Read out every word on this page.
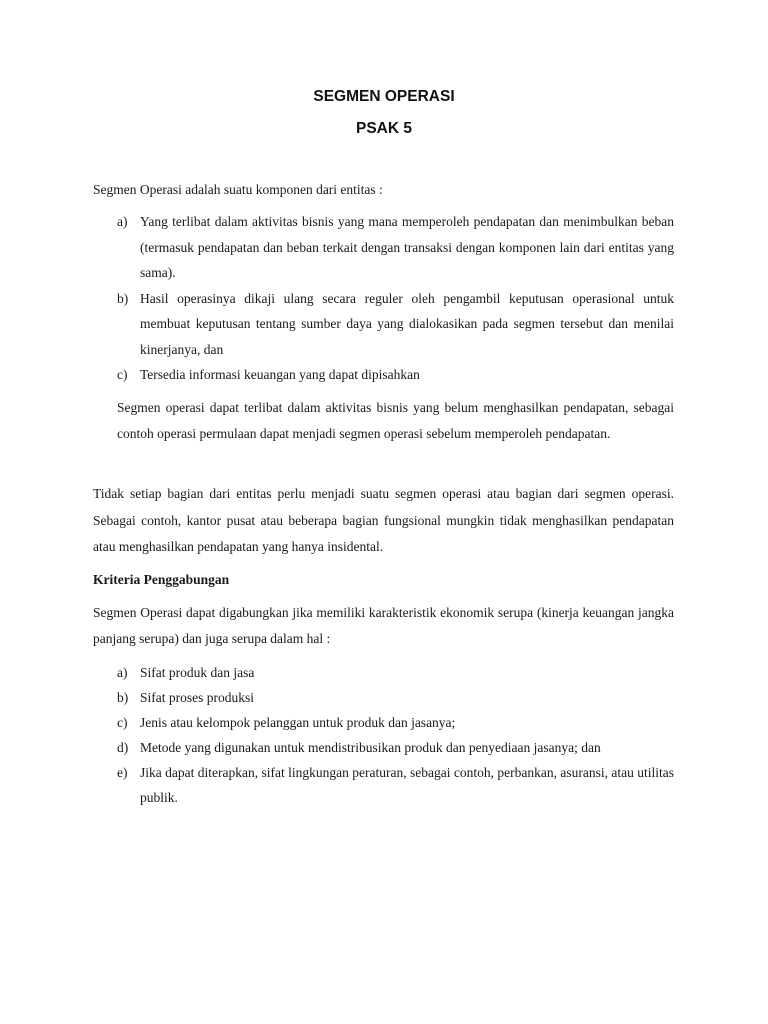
SEGMEN OPERASI
PSAK 5
Segmen Operasi adalah suatu komponen dari entitas :
a) Yang terlibat dalam aktivitas bisnis yang mana memperoleh pendapatan dan menimbulkan beban (termasuk pendapatan dan beban terkait dengan transaksi dengan komponen lain dari entitas yang sama).
b) Hasil operasinya dikaji ulang secara reguler oleh pengambil keputusan operasional untuk membuat keputusan tentang sumber daya yang dialokasikan pada segmen tersebut dan menilai kinerjanya, dan
c) Tersedia informasi keuangan yang dapat dipisahkan
Segmen operasi dapat terlibat dalam aktivitas bisnis yang belum menghasilkan pendapatan, sebagai contoh operasi permulaan dapat menjadi segmen operasi sebelum memperoleh pendapatan.
Tidak setiap bagian dari entitas perlu menjadi suatu segmen operasi atau bagian dari segmen operasi. Sebagai contoh, kantor pusat atau beberapa bagian fungsional mungkin tidak menghasilkan pendapatan atau menghasilkan pendapatan yang hanya insidental.
Kriteria Penggabungan
Segmen Operasi dapat digabungkan jika memiliki karakteristik ekonomik serupa (kinerja keuangan jangka panjang serupa) dan juga serupa dalam hal :
a) Sifat produk dan jasa
b) Sifat proses produksi
c) Jenis atau kelompok pelanggan untuk produk dan jasanya;
d) Metode yang digunakan untuk mendistribusikan produk dan penyediaan jasanya; dan
e) Jika dapat diterapkan, sifat lingkungan peraturan, sebagai contoh, perbankan, asuransi, atau utilitas publik.
